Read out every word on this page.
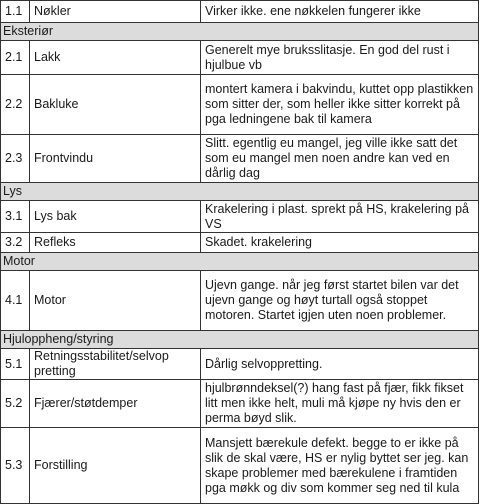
1.1	Nøkler	Virker ikke. ene nøkkelen fungerer ikke
Eksteriør		
2.1	Lakk	Generelt mye bruksslitasje. En god del rust i hjulbue vb
2.2	Bakluke	montert kamera i bakvindu, kuttet opp plastikken som sitter der, som heller ikke sitter korrekt på pga ledningene bak til kamera
2.3	Frontvindu	Slitt. egentlig eu mangel, jeg ville ikke satt det som eu mangel men noen andre kan ved en dårlig dag
Lys		
3.1	Lys bak	Krakelering i plast. sprekt på HS, krakelering på VS
3.2	Refleks	Skadet. krakelering
Motor		
4.1	Motor	Ujevn gange. når jeg først startet bilen var det ujevn gange og høyt turtall også stoppet motoren. Startet igjen uten noen problemer.
Hjuloppheng/styring		
5.1	Retningsstabilitet/selvop pretting	Dårlig selvoppretting.
5.2	Fjærer/støtdemper	hjulbrønndeksel(?) hang fast på fjær, fikk fikset litt men ikke helt, muli må kjøpe ny hvis den er perma bøyd slik.
5.3	Forstilling	Mansjett bærekule defekt. begge to er ikke på slik de skal være, HS er nylig byttet ser jeg. kan skape problemer med bærekulene i framtiden pga møkk og div som kommer seg ned til kula
